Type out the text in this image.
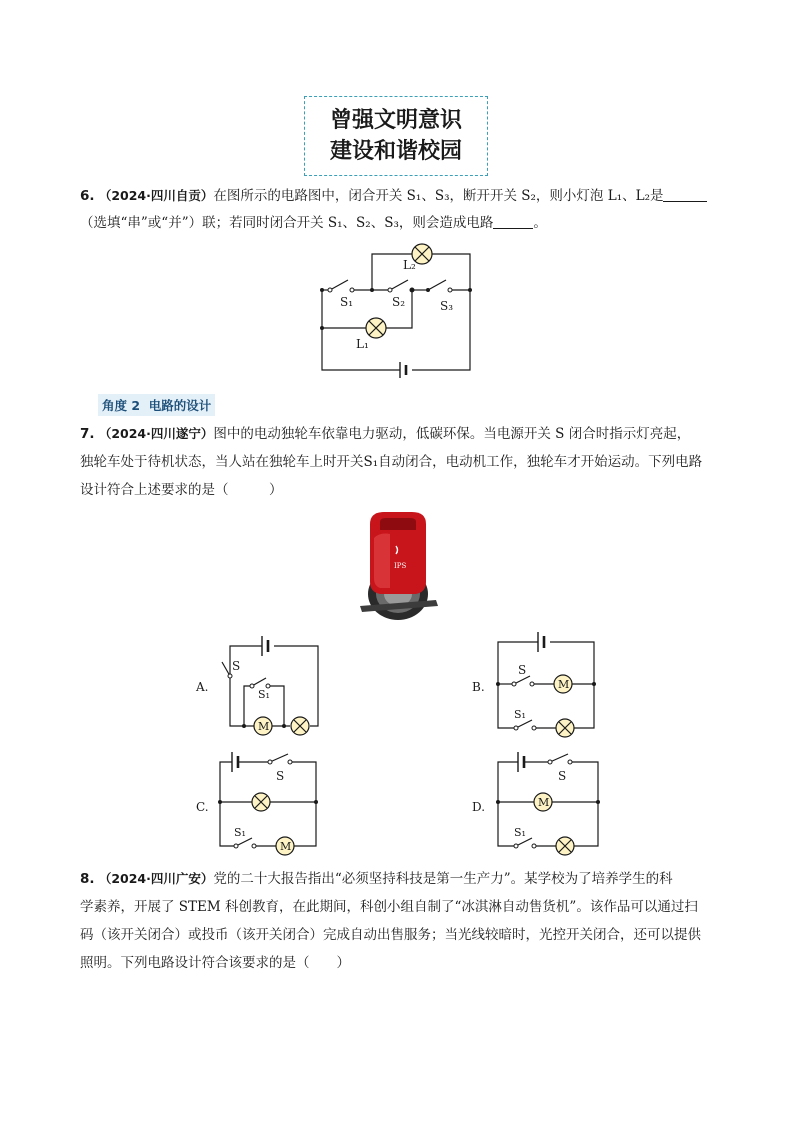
曾强文明意识
建设和谐校园
6. （2024·四川自贡）在图所示的电路图中，闭合开关 S₁、S₃，断开开关 S₂，则小灯泡 L₁、L₂是
（选填“串”或“并”）联；若同时闭合开关 S₁、S₂、S₃，则会造成电路	。
L₂
S₁	S₂	S₃
L₁
角度 2 电路的设计
7. （2024·四川遂宁）图中的电动独轮车依靠电力驱动，低碳环保。当电源开关 S 闭合时指示灯亮起，
独轮车处于待机状态，当人站在独轮车上时开关S₁自动闭合，电动机工作，独轮车才开始运动。下列电路
设计符合上述要求的是（　　　）
IPS
A.
M
S
S₁
B.	M
S
S₁
C.
M
S
S₁
D.	M
S
S₁
8. （2024·四川广安）党的二十大报告指出“必须坚持科技是第一生产力”。某学校为了培养学生的科
学素养，开展了 STEM 科创教育，在此期间，科创小组自制了“冰淇淋自动售货机”。该作品可以通过扫
码（该开关闭合）或投币（该开关闭合）完成自动出售服务；当光线较暗时，光控开关闭合，还可以提供
照明。下列电路设计符合该要求的是（　　）
